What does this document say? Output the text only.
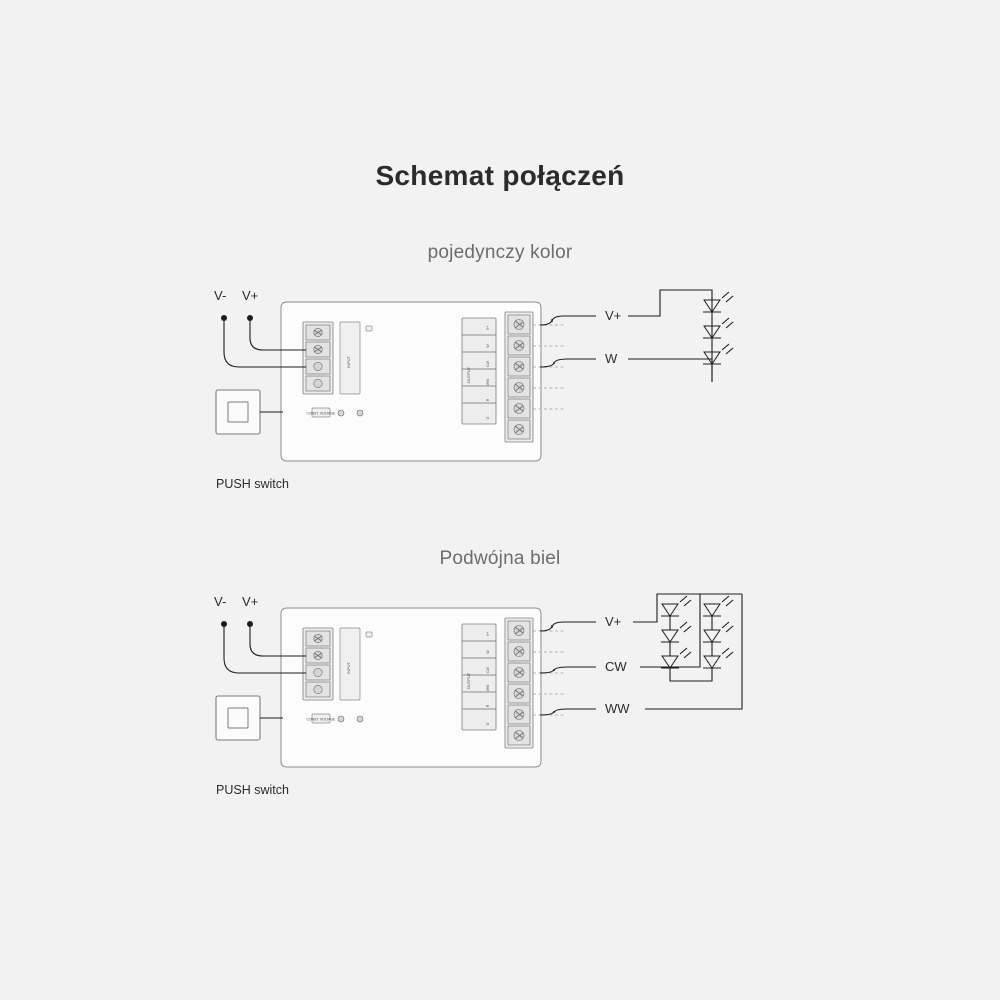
Schemat połączeń
pojedynczy kolor
INPUT
CONST. VOLTAGE
OUTPUT
V+
W
CW
WW
R
G
V+
W
V- V+
PUSH switch
Podwójna biel
INPUT
CONST. VOLTAGE
OUTPUT
V+
W
CW
WW
R
G
V+
CW
WW
V- V+
PUSH switch
